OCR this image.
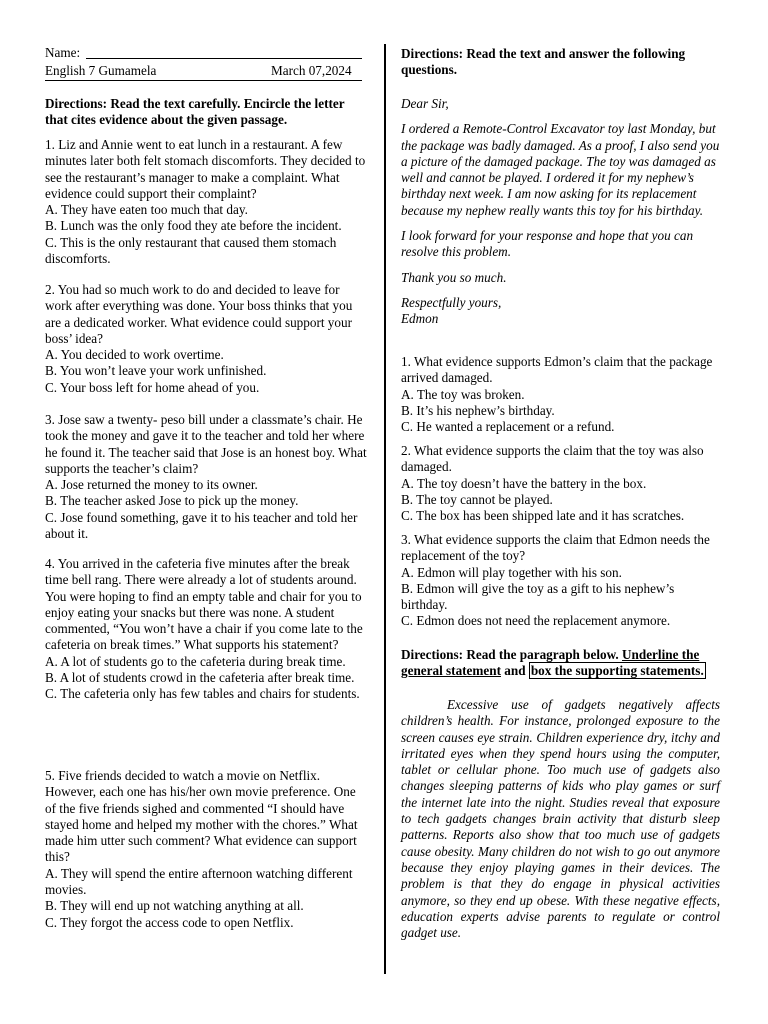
Name:
English 7 Gumamela	March 07,2024

Directions: Read the text carefully. Encircle the letter that cites evidence about the given passage.

1. Liz and Annie went to eat lunch in a restaurant. A few minutes later both felt stomach discomforts. They decided to see the restaurant’s manager to make a complaint. What evidence could support their complaint?

A. They have eaten too much that day.

B. Lunch was the only food they ate before the incident.

C. This is the only restaurant that caused them stomach discomforts.

2. You had so much work to do and decided to leave for work after everything was done. Your boss thinks that you are a dedicated worker. What evidence could support your boss’ idea?

A. You decided to work overtime.

B. You won’t leave your work unfinished.

C. Your boss left for home ahead of you.

3. Jose saw a twenty- peso bill under a classmate’s chair. He took the money and gave it to the teacher and told her where he found it. The teacher said that Jose is an honest boy. What supports the teacher’s claim?

A. Jose returned the money to its owner.

B. The teacher asked Jose to pick up the money.

C. Jose found something, gave it to his teacher and told her about it.

4. You arrived in the cafeteria five minutes after the break time bell rang. There were already a lot of students around. You were hoping to find an empty table and chair for you to enjoy eating your snacks but there was none. A student commented, “You won’t have a chair if you come late to the cafeteria on break times.” What supports his statement?

A. A lot of students go to the cafeteria during break time.

B. A lot of students crowd in the cafeteria after break time.

C. The cafeteria only has few tables and chairs for students.

5. Five friends decided to watch a movie on Netflix. However, each one has his/her own movie preference. One of the five friends sighed and commented “I should have stayed home and helped my mother with the chores.” What made him utter such comment? What evidence can support this?

A. They will spend the entire afternoon watching different movies.

B. They will end up not watching anything at all.

C. They forgot the access code to open Netflix.

Directions: Read the text and answer the following questions.

Dear Sir,

I ordered a Remote-Control Excavator toy last Monday, but the package was badly damaged. As a proof, I also send you a picture of the damaged package. The toy was damaged as well and cannot be played. I ordered it for my nephew’s birthday next week. I am now asking for its replacement because my nephew really wants this toy for his birthday.

I look forward for your response and hope that you can resolve this problem.

Thank you so much.

Respectfully yours,

Edmon

1. What evidence supports Edmon’s claim that the package arrived damaged.

A. The toy was broken.

B. It’s his nephew’s birthday.

C. He wanted a replacement or a refund.

2. What evidence supports the claim that the toy was also damaged.

A. The toy doesn’t have the battery in the box.

B. The toy cannot be played.

C. The box has been shipped late and it has scratches.

3. What evidence supports the claim that Edmon needs the replacement of the toy?

A. Edmon will play together with his son.

B. Edmon will give the toy as a gift to his nephew’s birthday.

C. Edmon does not need the replacement anymore.

Directions: Read the paragraph below. Underline the general statement and box the supporting statements.

Excessive use of gadgets negatively affects children’s health. For instance, prolonged exposure to the screen causes eye strain. Children experience dry, itchy and irritated eyes when they spend hours using the computer, tablet or cellular phone. Too much use of gadgets also changes sleeping patterns of kids who play games or surf the internet late into the night. Studies reveal that exposure to tech gadgets changes brain activity that disturb sleep patterns. Reports also show that too much use of gadgets cause obesity. Many children do not wish to go out anymore because they enjoy playing games in their devices. The problem is that they do engage in physical activities anymore, so they end up obese. With these negative effects, education experts advise parents to regulate or control gadget use.
